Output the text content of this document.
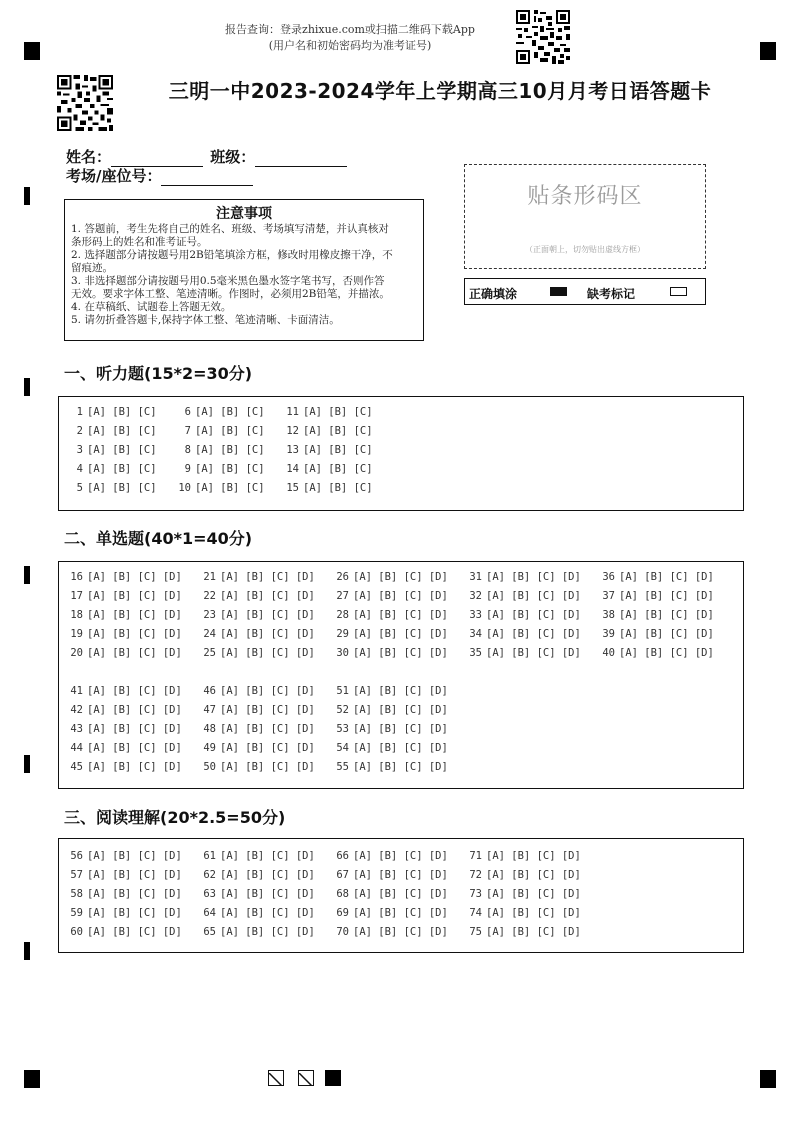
报告查询：登录zhixue.com或扫描二维码下载App
(用户名和初始密码均为准考证号)
三明一中2023-2024学年上学期高三10月月考日语答题卡
姓名：	班级：
考场/座位号：
注意事项
1. 答题前，考生先将自己的姓名、班级、考场填写清楚，并认真核对
条形码上的姓名和准考证号。
2. 选择题部分请按题号用2B铅笔填涂方框，修改时用橡皮擦干净，不
留痕迹。
3. 非选择题部分请按题号用0.5毫米黑色墨水签字笔书写，否则作答
无效。要求字体工整、笔迹清晰。作图时，必须用2B铅笔，并描浓。
4. 在草稿纸、试题卷上答题无效。
5. 请勿折叠答题卡,保持字体工整、笔迹清晰、卡面清洁。
贴条形码区
（正面朝上，切勿贴出虚线方框）
正确填涂	缺考标记
一、听力题(15*2=30分)
1 [A] [B] [C]
2 [A] [B] [C]
3 [A] [B] [C]
4 [A] [B] [C]
5 [A] [B] [C]
6 [A] [B] [C]
7 [A] [B] [C]
8 [A] [B] [C]
9 [A] [B] [C]
10 [A] [B] [C]
11 [A] [B] [C]
12 [A] [B] [C]
13 [A] [B] [C]
14 [A] [B] [C]
15 [A] [B] [C]
二、单选题(40*1=40分)
16 [A] [B] [C] [D]
17 [A] [B] [C] [D]
18 [A] [B] [C] [D]
19 [A] [B] [C] [D]
20 [A] [B] [C] [D]
21 [A] [B] [C] [D]
22 [A] [B] [C] [D]
23 [A] [B] [C] [D]
24 [A] [B] [C] [D]
25 [A] [B] [C] [D]
26 [A] [B] [C] [D]
27 [A] [B] [C] [D]
28 [A] [B] [C] [D]
29 [A] [B] [C] [D]
30 [A] [B] [C] [D]
31 [A] [B] [C] [D]
32 [A] [B] [C] [D]
33 [A] [B] [C] [D]
34 [A] [B] [C] [D]
35 [A] [B] [C] [D]
36 [A] [B] [C] [D]
37 [A] [B] [C] [D]
38 [A] [B] [C] [D]
39 [A] [B] [C] [D]
40 [A] [B] [C] [D]
41 [A] [B] [C] [D]
42 [A] [B] [C] [D]
43 [A] [B] [C] [D]
44 [A] [B] [C] [D]
45 [A] [B] [C] [D]
46 [A] [B] [C] [D]
47 [A] [B] [C] [D]
48 [A] [B] [C] [D]
49 [A] [B] [C] [D]
50 [A] [B] [C] [D]
51 [A] [B] [C] [D]
52 [A] [B] [C] [D]
53 [A] [B] [C] [D]
54 [A] [B] [C] [D]
55 [A] [B] [C] [D]
三、阅读理解(20*2.5=50分)
56 [A] [B] [C] [D]
57 [A] [B] [C] [D]
58 [A] [B] [C] [D]
59 [A] [B] [C] [D]
60 [A] [B] [C] [D]
61 [A] [B] [C] [D]
62 [A] [B] [C] [D]
63 [A] [B] [C] [D]
64 [A] [B] [C] [D]
65 [A] [B] [C] [D]
66 [A] [B] [C] [D]
67 [A] [B] [C] [D]
68 [A] [B] [C] [D]
69 [A] [B] [C] [D]
70 [A] [B] [C] [D]
71 [A] [B] [C] [D]
72 [A] [B] [C] [D]
73 [A] [B] [C] [D]
74 [A] [B] [C] [D]
75 [A] [B] [C] [D]
